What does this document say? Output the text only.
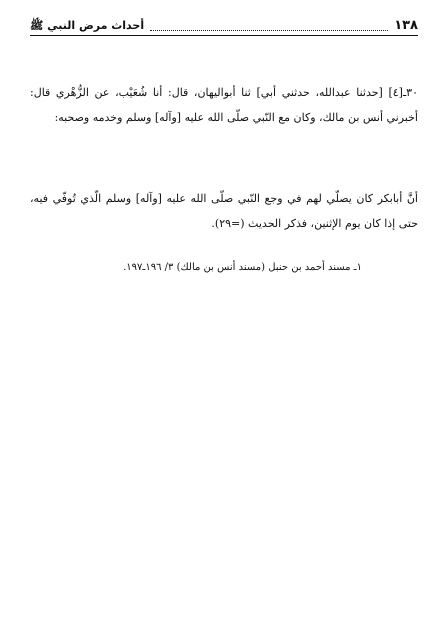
١٣٨
أحداث مرض النبي ﷺ

٣٠ـ[٤] [حدثنا عبدالله، حدثني أبي] ثنا أبواليهان، قال: أنا شُعَيْب، عن الزُّهْري قال: أخبرني أنس بن مالك، وكان مع النّبي صلّى الله عليه [وآله] وسلم وخدمه وصحبه:

أنَّ أبابكر كان يصلّي لهم في وجع النّبي صلّى الله عليه [وآله] وسلم الّذي تُوفّي فيه، حتى إذا كان يوم الإثنين، فذكر الحديث (=٢٩).

١ـ مسند أحمد بن حنبل (مسند أنس بن مالك) ٣/ ١٩٦ـ١٩٧.
